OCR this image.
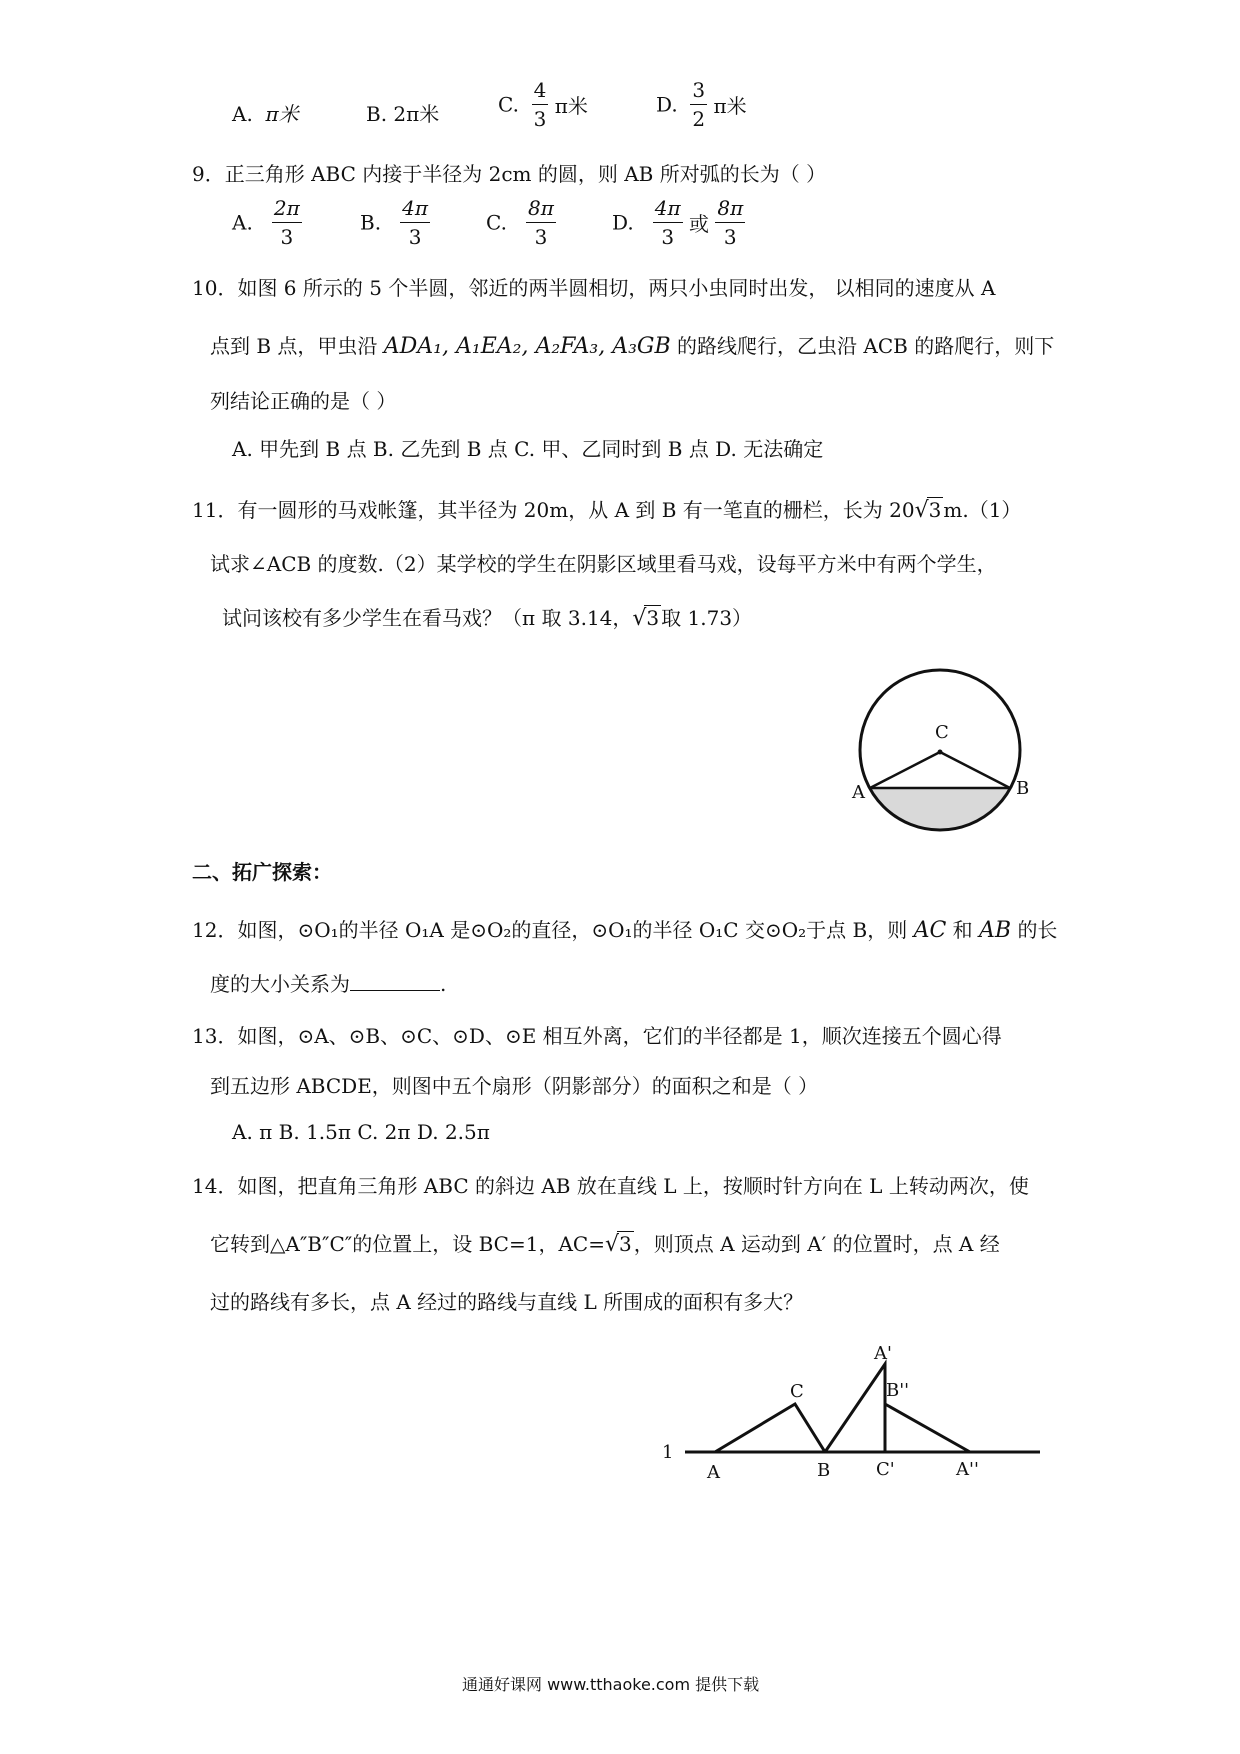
A. π米	B. 2π米	C. $\frac{4}{3}$ π米	D. $\frac{3}{2}$ π米
9．正三角形 ABC 内接于半径为 2cm 的圆，则 AB 所对弧的长为（ ）
A. $\frac{2\pi}{3}$	B. $\frac{4\pi}{3}$	C. $\frac{8\pi}{3}$	D. $\frac{4\pi}{3}$ 或 $\frac{8\pi}{3}$
10．如图 6 所示的 5 个半圆，邻近的两半圆相切，两只小虫同时出发， 以相同的速度从 A
点到 B 点，甲虫沿 ADA₁, A₁EA₂, A₂FA₃, A₃GB 的路线爬行，乙虫沿 ACB 的路爬行，则下
列结论正确的是（ ）
A. 甲先到 B 点 B. 乙先到 B 点 C. 甲、乙同时到 B 点 D. 无法确定
11．有一圆形的马戏帐篷，其半径为 20m，从 A 到 B 有一笔直的栅栏，长为 20√3 m.（1）
试求∠ACB 的度数.（2）某学校的学生在阴影区域里看马戏，设每平方米中有两个学生，
试问该校有多少学生在看马戏？（π 取 3.14，√3 取 1.73）
C
A	B
二、拓广探索：
12．如图，⊙O₁的半径 O₁A 是⊙O₂的直径，⊙O₁的半径 O₁C 交⊙O₂于点 B，则 AC 和 AB 的长
度的大小关系为	.
13．如图，⊙A、⊙B、⊙C、⊙D、⊙E 相互外离，它们的半径都是 1，顺次连接五个圆心得
到五边形 ABCDE，则图中五个扇形（阴影部分）的面积之和是（ ）
A. π B. 1.5π C. 2π D. 2.5π
14．如图，把直角三角形 ABC 的斜边 AB 放在直线 L 上，按顺时针方向在 L 上转动两次，使
它转到△A″B″C″的位置上，设 BC=1，AC=√3 ，则顶点 A 运动到 A′ 的位置时，点 A 经
过的路线有多长，点 A 经过的路线与直线 L 所围成的面积有多大？
1
A
C
B
A'
B''
C'	A''
通通好课网 www.tthaoke.com 提供下载
